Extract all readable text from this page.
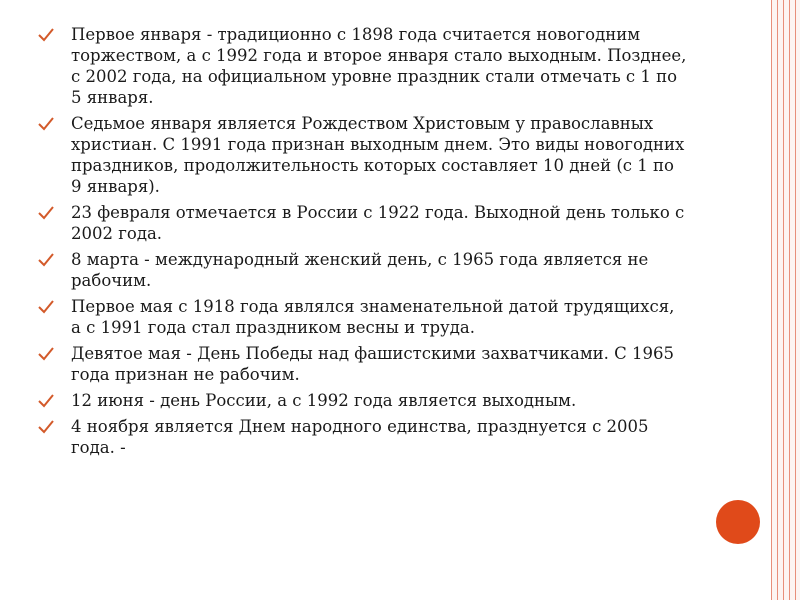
Первое января - традиционно с 1898 года считается новогодним торжеством, а с 1992 года и второе января стало выходным. Позднее, с 2002 года, на официальном уровне праздник стали отмечать с 1 по 5 января.
Седьмое января является Рождеством Христовым у православных христиан. С 1991 года признан выходным днем. Это виды новогодних праздников, продолжительность которых составляет 10 дней (с 1 по 9 января).
23 февраля отмечается в России с 1922 года. Выходной день только с 2002 года.
8 марта - международный женский день, с 1965 года является не рабочим.
Первое мая с 1918 года являлся знаменательной датой трудящихся, а с 1991 года стал праздником весны и труда.
Девятое мая - День Победы над фашистскими захватчиками. С 1965 года признан не рабочим.
12 июня - день России, а с 1992 года является выходным.
4 ноября является Днем народного единства, празднуется с 2005 года. -
